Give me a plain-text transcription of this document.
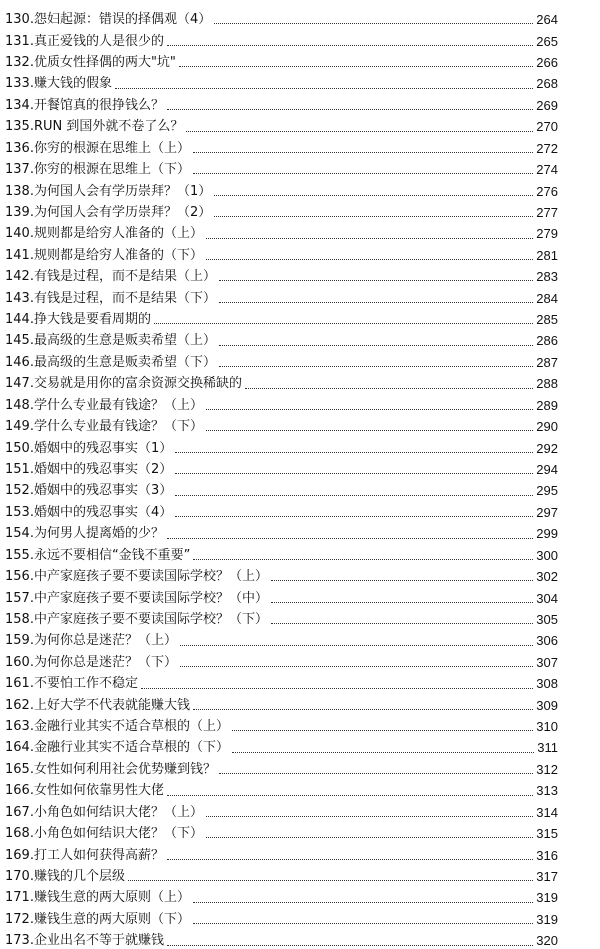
130.怨妇起源：错误的择偶观（4）	264
131.真正爱钱的人是很少的	265
132.优质女性择偶的两大"坑"	266
133.赚大钱的假象	268
134.开餐馆真的很挣钱么？	269
135.RUN 到国外就不卷了么？	270
136.你穷的根源在思维上（上）	272
137.你穷的根源在思维上（下）	274
138.为何国人会有学历崇拜？（1）	276
139.为何国人会有学历崇拜？（2）	277
140.规则都是给穷人准备的（上）	279
141.规则都是给穷人准备的（下）	281
142.有钱是过程，而不是结果（上）	283
143.有钱是过程，而不是结果（下）	284
144.挣大钱是要看周期的	285
145.最高级的生意是贩卖希望（上）	286
146.最高级的生意是贩卖希望（下）	287
147.交易就是用你的富余资源交换稀缺的	288
148.学什么专业最有钱途？（上）	289
149.学什么专业最有钱途？（下）	290
150.婚姻中的残忍事实（1）	292
151.婚姻中的残忍事实（2）	294
152.婚姻中的残忍事实（3）	295
153.婚姻中的残忍事实（4）	297
154.为何男人提离婚的少？	299
155.永远不要相信“金钱不重要”	300
156.中产家庭孩子要不要读国际学校？（上）	302
157.中产家庭孩子要不要读国际学校？（中）	304
158.中产家庭孩子要不要读国际学校？（下）	305
159.为何你总是迷茫？（上）	306
160.为何你总是迷茫？（下）	307
161.不要怕工作不稳定	308
162.上好大学不代表就能赚大钱	309
163.金融行业其实不适合草根的（上）	310
164.金融行业其实不适合草根的（下）	311
165.女性如何利用社会优势赚到钱？	312
166.女性如何依靠男性大佬	313
167.小角色如何结识大佬？（上）	314
168.小角色如何结识大佬？（下）	315
169.打工人如何获得高薪？	316
170.赚钱的几个层级	317
171.赚钱生意的两大原则（上）	319
172.赚钱生意的两大原则（下）	319
173.企业出名不等于就赚钱	320
